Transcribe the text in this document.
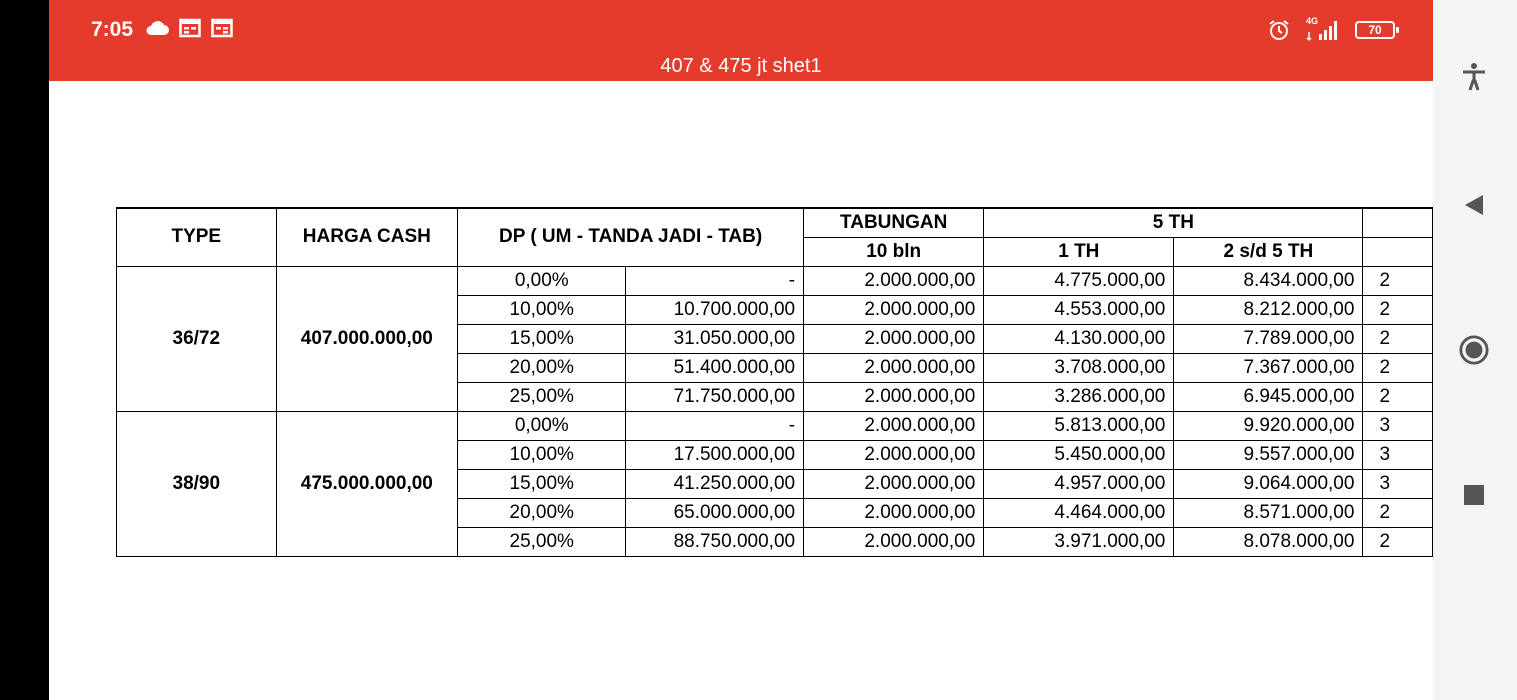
7:05	4G
70
407 & 475 jt shet1
TYPE	HARGA CASH	DP ( UM - TANDA JADI - TAB)		TABUNGAN	5 TH		
				10 bln	1 TH	2 s/d 5 TH	
36/72	407.000.000,00	0,00%	-	2.000.000,00	4.775.000,00	8.434.000,00	2
		10,00%	10.700.000,00	2.000.000,00	4.553.000,00	8.212.000,00	2
		15,00%	31.050.000,00	2.000.000,00	4.130.000,00	7.789.000,00	2
		20,00%	51.400.000,00	2.000.000,00	3.708.000,00	7.367.000,00	2
		25,00%	71.750.000,00	2.000.000,00	3.286.000,00	6.945.000,00	2
38/90	475.000.000,00	0,00%	-	2.000.000,00	5.813.000,00	9.920.000,00	3
		10,00%	17.500.000,00	2.000.000,00	5.450.000,00	9.557.000,00	3
		15,00%	41.250.000,00	2.000.000,00	4.957.000,00	9.064.000,00	3
		20,00%	65.000.000,00	2.000.000,00	4.464.000,00	8.571.000,00	2
		25,00%	88.750.000,00	2.000.000,00	3.971.000,00	8.078.000,00	2
